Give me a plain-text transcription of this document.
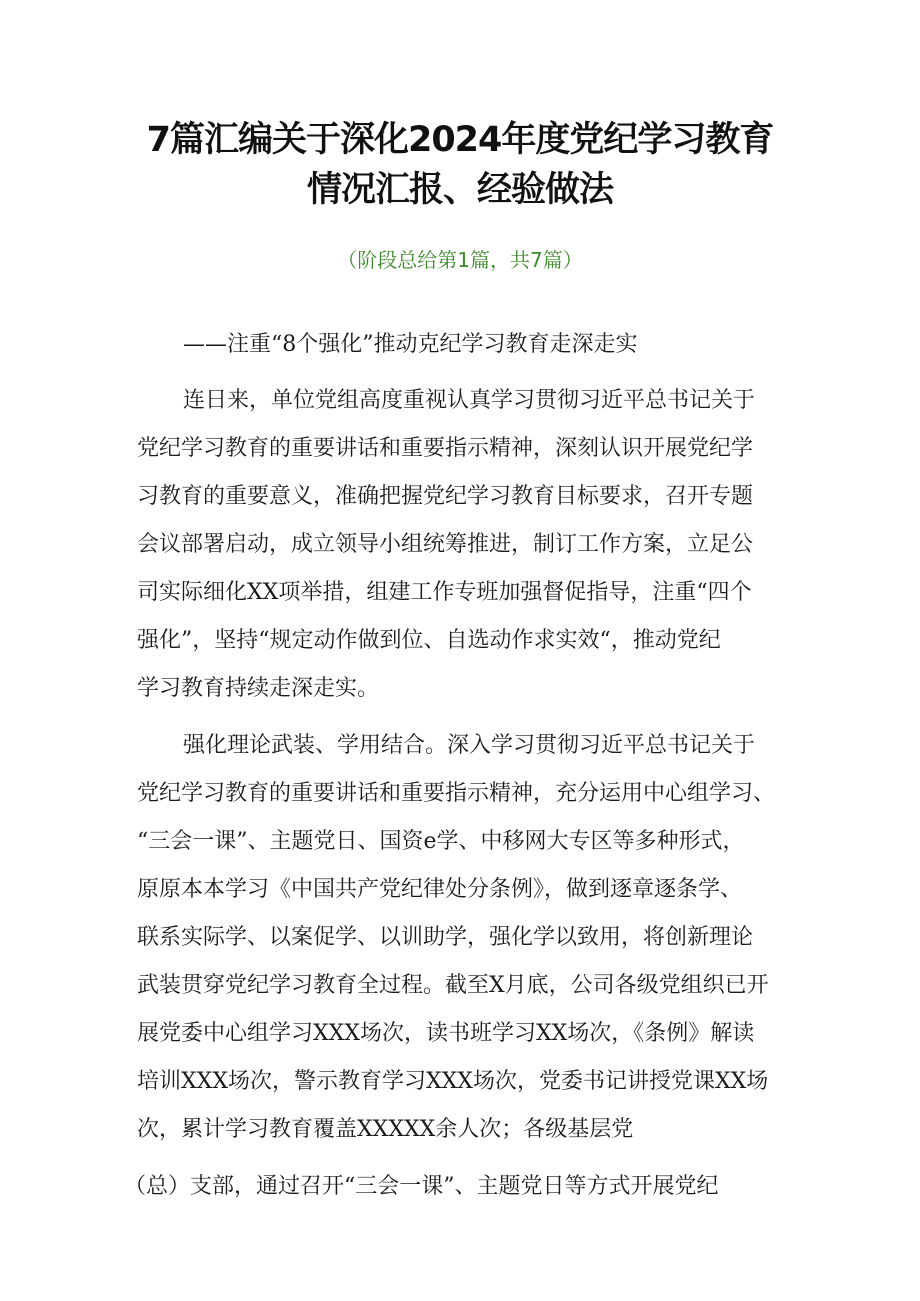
7篇汇编关于深化2024年度党纪学习教育
情况汇报、经验做法
（阶段总给第1篇，共7篇）
——注重“8个强化”推动克纪学习教育走深走实
连日来，单位党组高度重视认真学习贯彻习近平总书记关于
党纪学习教育的重要讲话和重要指示精神，深刻认识开展党纪学
习教育的重要意义，准确把握党纪学习教育目标要求，召开专题
会议部署启动，成立领导小组统筹推进，制订工作方案，立足公
司实际细化XX项举措，组建工作专班加强督促指导，注重“四个
强化”，坚持“规定动作做到位、自选动作求实效“，推动党纪
学习教育持续走深走实。
强化理论武装、学用结合。深入学习贯彻习近平总书记关于
党纪学习教育的重要讲话和重要指示精神，充分运用中心组学习、
“三会一课”、主题党日、国资e学、中移网大专区等多种形式，
原原本本学习《中国共产党纪律处分条例》，做到逐章逐条学、
联系实际学、以案促学、以训助学，强化学以致用，将创新理论
武装贯穿党纪学习教育全过程。截至X月底，公司各级党组织已开
展党委中心组学习XXX场次，读书班学习XX场次，《条例》解读
培训XXX场次，警示教育学习XXX场次，党委书记讲授党课XX场
次，累计学习教育覆盖XXXXX余人次；各级基层党
（总）支部，通过召开“三会一课”、主题党日等方式开展党纪
